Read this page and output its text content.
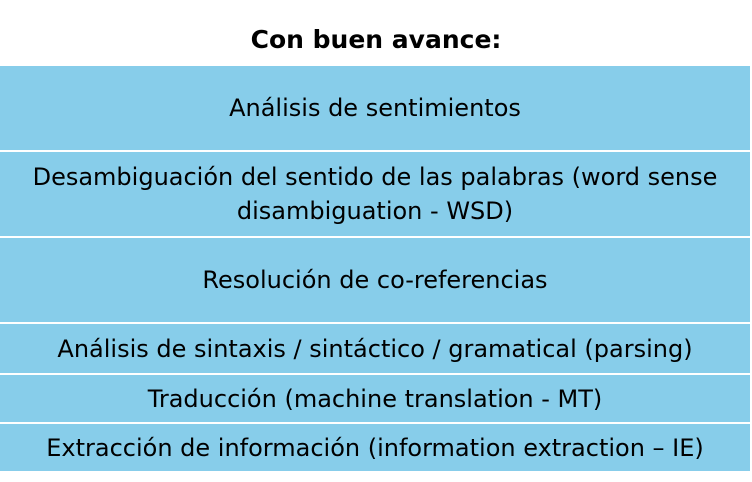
Con buen avance:
Análisis de sentimientos
Desambiguación del sentido de las palabras (word sense disambiguation - WSD)
Resolución de co-referencias
Análisis de sintaxis / sintáctico / gramatical (parsing)
Traducción (machine translation - MT)
Extracción de información (information extraction – IE)
